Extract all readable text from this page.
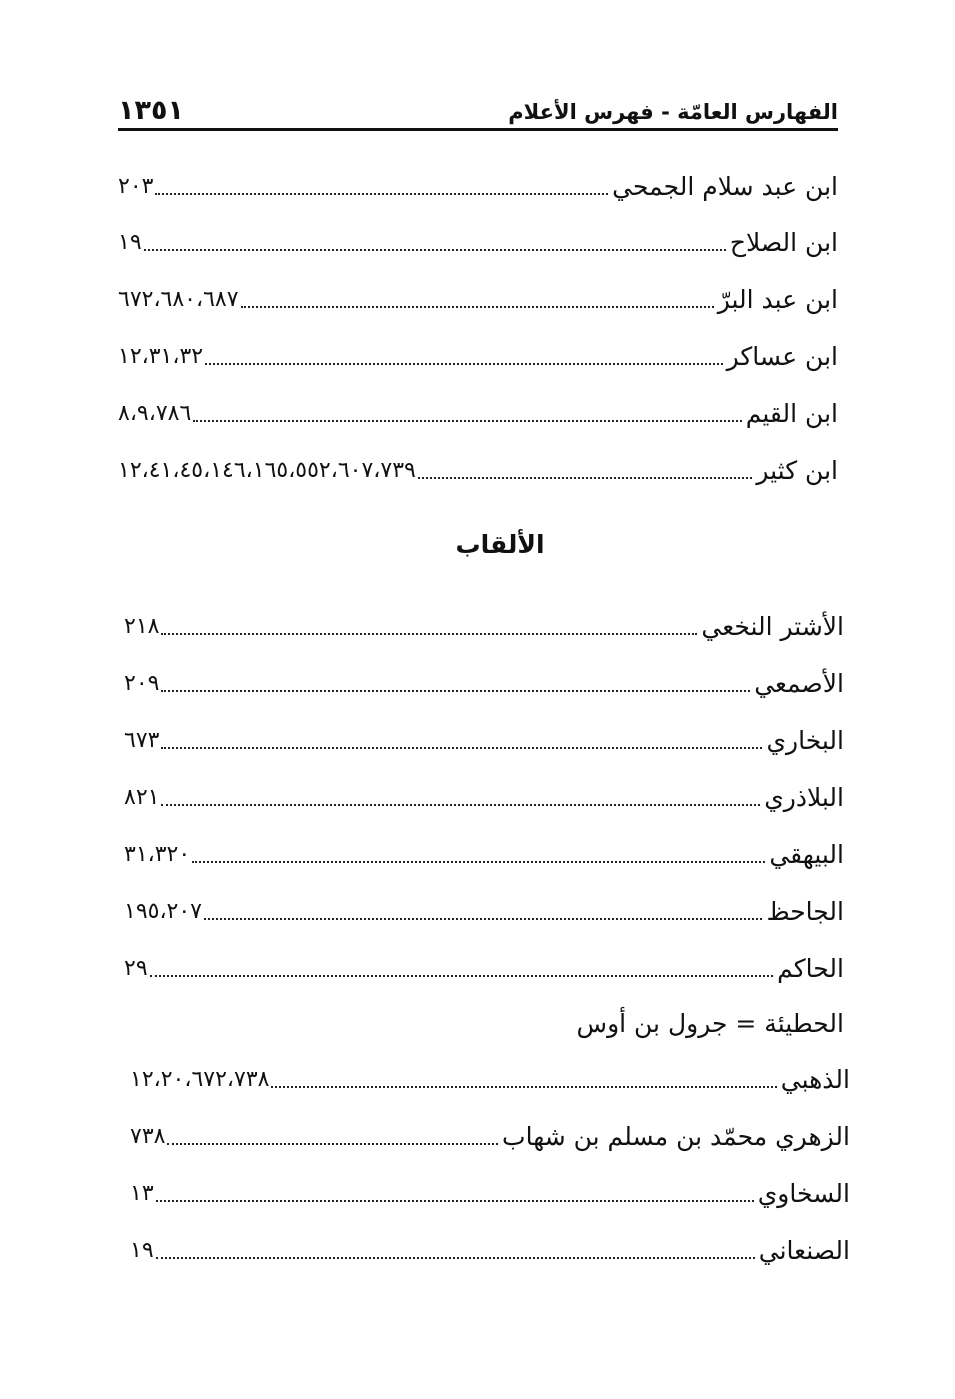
١٣٥١	الفهارس العامّة - فهرس الأعلام
ابن عبد سلام الجمحي
٢٠٣
ابن الصلاح
١٩
ابن عبد البرّ
٦٧٢،٦٨٠،٦٨٧
ابن عساكر
١٢،٣١،٣٢
ابن القيم
٨،٩،٧٨٦
ابن كثير
١٢،٤١،٤٥،١٤٦،١٦٥،٥٥٢،٦٠٧،٧٣٩
الألقاب
الأشتر النخعي
٢١٨
الأصمعي
٢٠٩
البخاري
٦٧٣
البلاذري
٨٢١
البيهقي
٣١،٣٢٠
الجاحظ
١٩٥،٢٠٧
الحاكم
٢٩
الحطيئة = جرول بن أوس
الذهبي
١٢،٢٠،٦٧٢،٧٣٨
الزهري محمّد بن مسلم بن شهاب
٧٣٨
السخاوي
١٣
الصنعاني
١٩
